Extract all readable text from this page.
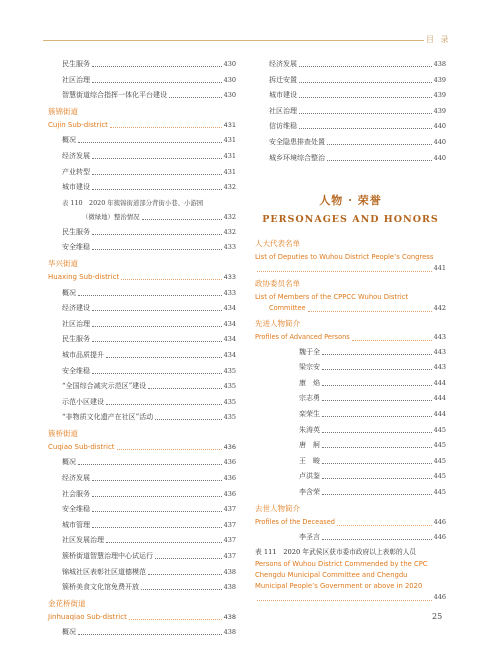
目 录
民生服务	430
社区治理	430
智慧街道综合指挥一体化平台建设	430
簇锦街道
Cujin Sub-district	431
概况	431
经济发展	431
产业转型	431
城市建设	432
表 110　2020 年簇锦街道部分背街小巷、小游园
（微绿地）整治情况	432
民生服务	432
安全维稳	433
华兴街道
Huaxing Sub-district	433
概况	433
经济建设	434
社区治理	434
民生服务	434
城市品质提升	434
安全维稳	435
“全国综合减灾示范区”建设	435
示范小区建设	435
“非物质文化遗产在社区”活动	435
簇桥街道
Cuqiao Sub-district	436
概况	436
经济发展	436
社会服务	436
安全维稳	437
城市管理	437
社区发展治理	437
簇桥街道智慧治理中心试运行	437
锦城社区表彰社区道德模范	438
簇桥美食文化馆免费开放	438
金花桥街道
Jinhuaqiao Sub-district	438
概况	438
经济发展	438
拆迁安置	439
城市建设	439
社区治理	439
信访维稳	440
安全隐患排查处置	440
城乡环境综合整治	440
人物 · 荣誉
PERSONAGES AND HONORS
人大代表名单
List of Deputies to Wuhou District People’s Congress
441
政协委员名单
List of Members of the CPPCC Wuhou District
Committee	442
先进人物简介
Profiles of Advanced Persons	443
魏于全	443
梁宗安	443
康　焰	444
宗志勇	444
栾荣生	444
朱涛英	445
唐　舸	445
王　畯	445
卢洪鉴	445
李含荣	445
去世人物简介
Profiles of the Deceased	446
李圣言	446
表 111　2020 年武侯区获市委市政府以上表彰的人员
Persons of Wuhou District Commended by the CPC
Chengdu Municipal Committee and Chengdu
Municipal People’s Government or above in 2020
446
25
